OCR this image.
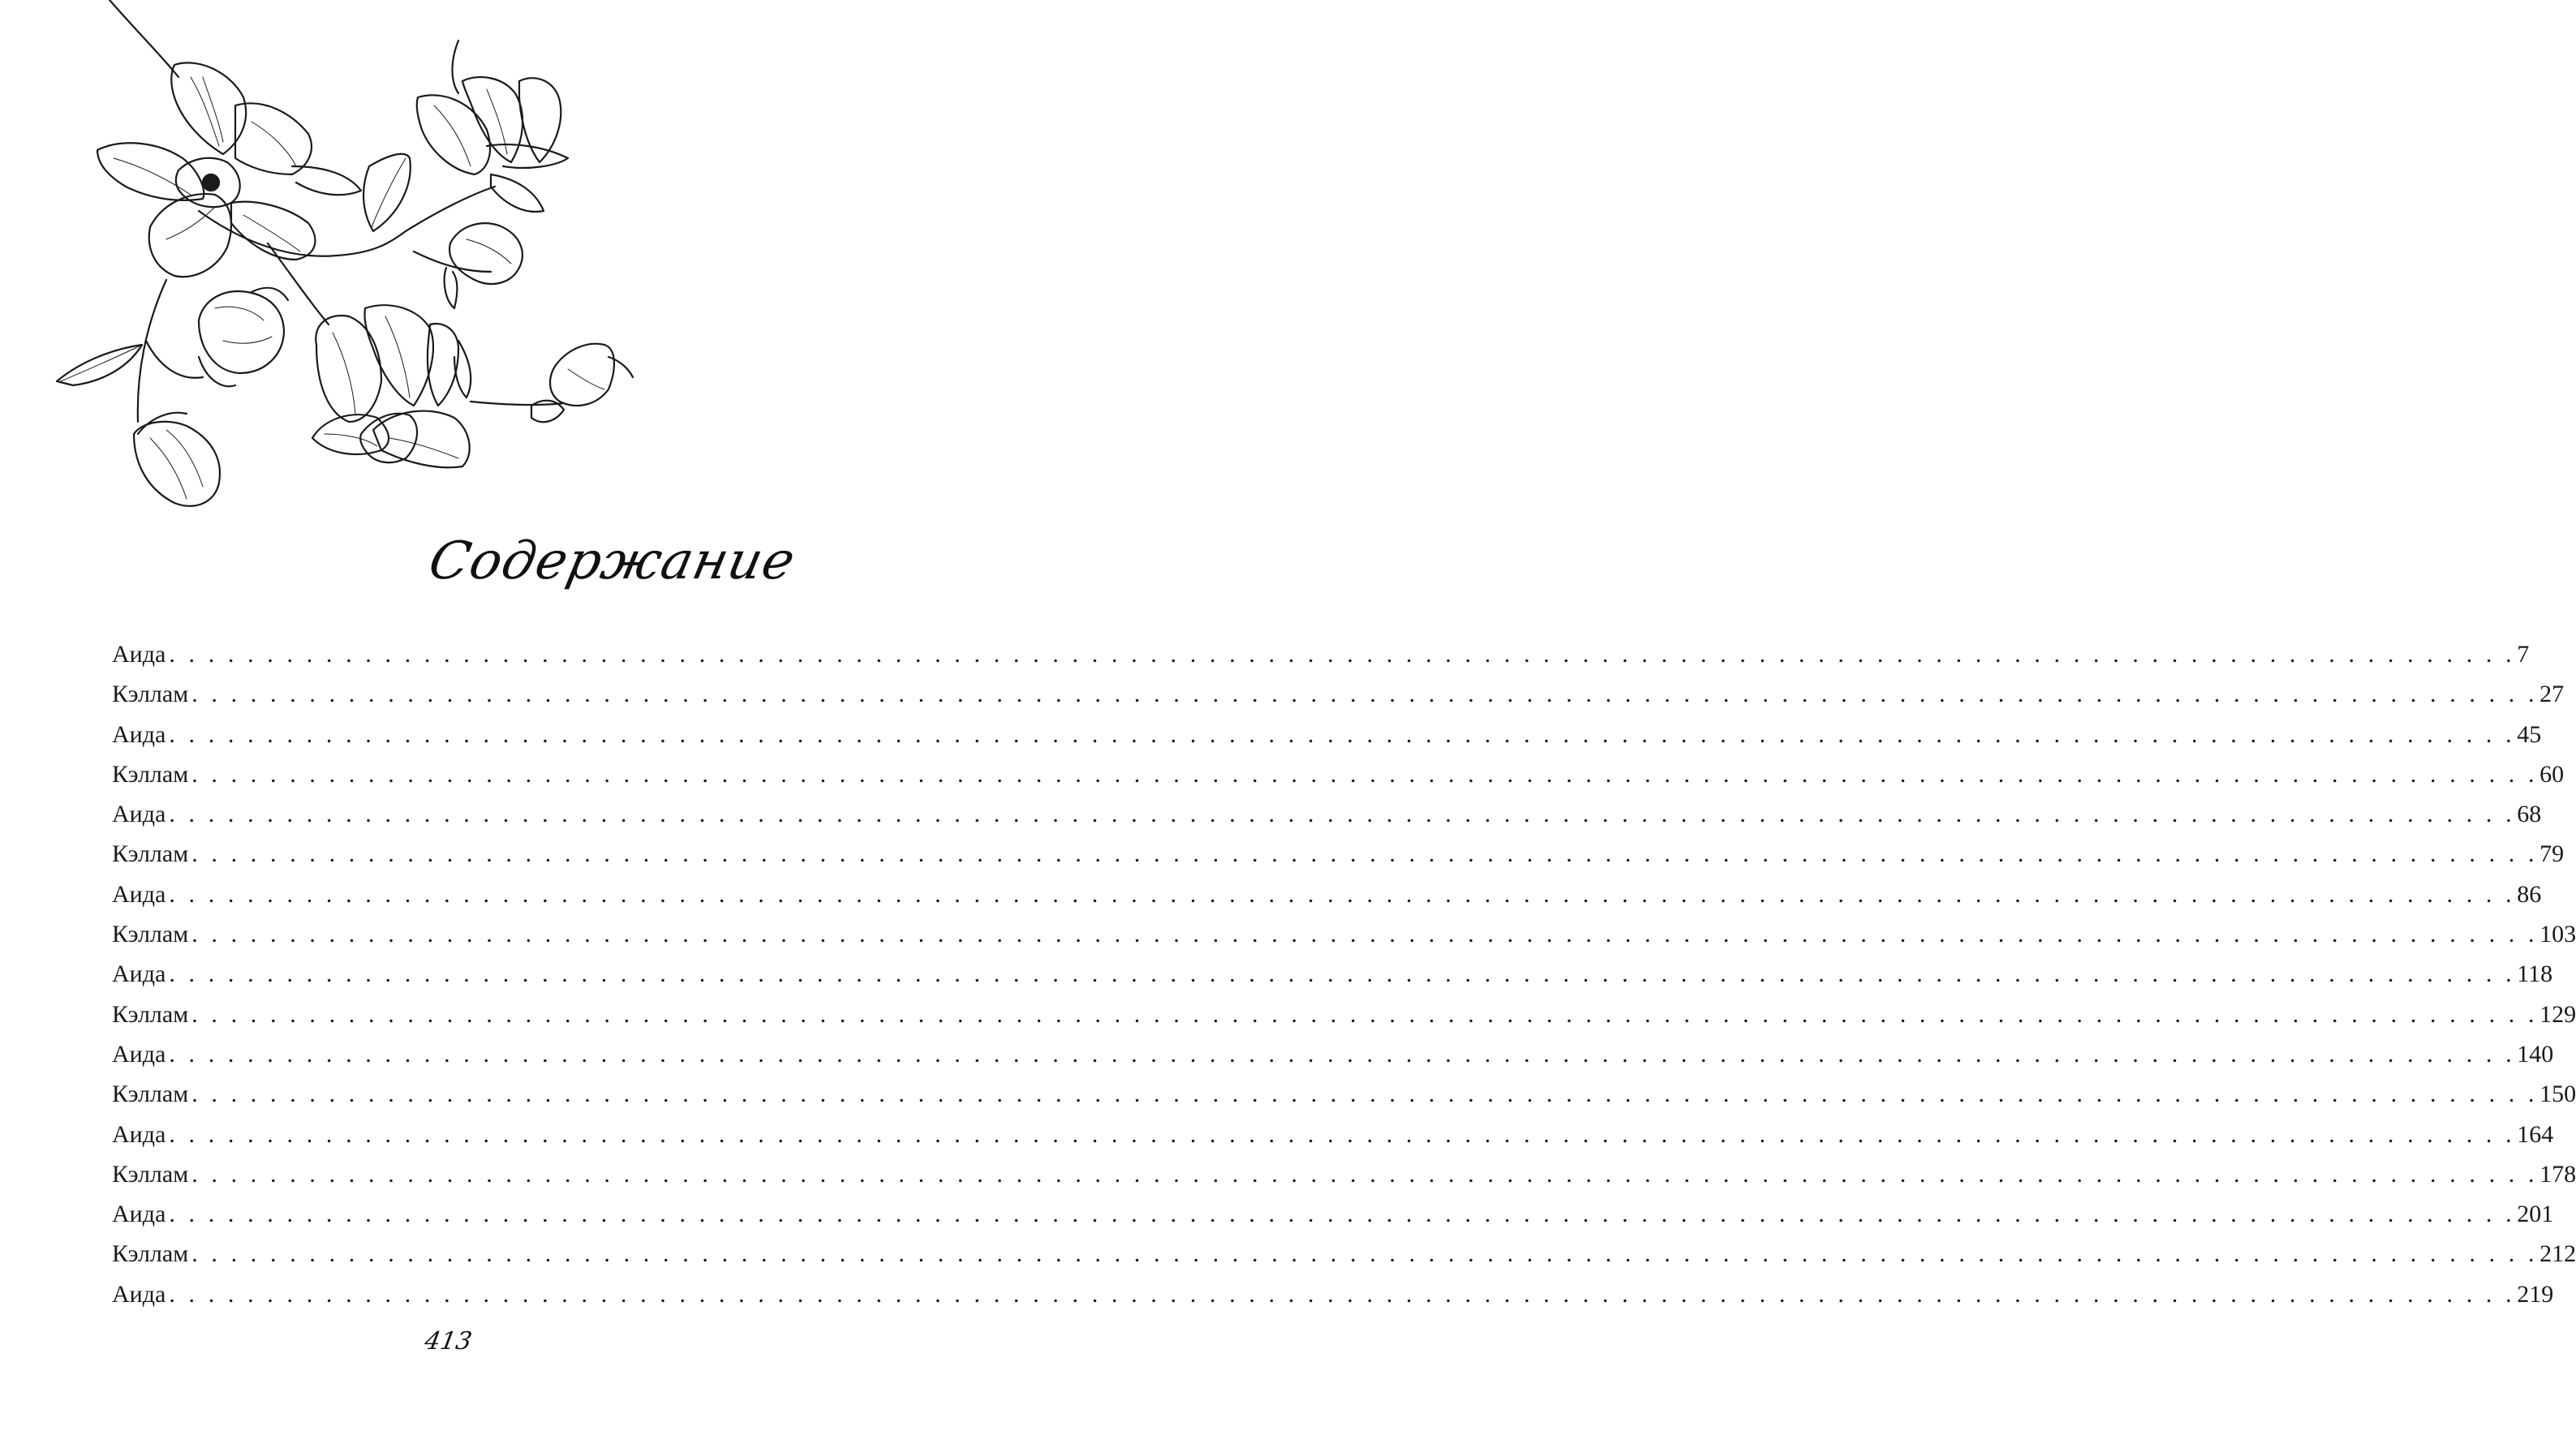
Содержание
Аида . . . . . . . . . . . . . . . . . . . . . . . . . . . . . . . . . . . . . . . . . . . . . . . . . . . . . . . . . . . . . . . . . . . . . . . . . . . . . . . . . . . . . . . . . . . . . . . . . . . . . . . . . . . . . . . . . . . . . . . . 7
Кэллам . . . . . . . . . . . . . . . . . . . . . . . . . . . . . . . . . . . . . . . . . . . . . . . . . . . . . . . . . . . . . . . . . . . . . . . . . . . . . . . . . . . . . . . . . . . . . . . . . . . . . . . . . . . . . . . . . . . . . . . . 27
Аида . . . . . . . . . . . . . . . . . . . . . . . . . . . . . . . . . . . . . . . . . . . . . . . . . . . . . . . . . . . . . . . . . . . . . . . . . . . . . . . . . . . . . . . . . . . . . . . . . . . . . . . . . . . . . . . . . . . . . . . . 45
Кэллам . . . . . . . . . . . . . . . . . . . . . . . . . . . . . . . . . . . . . . . . . . . . . . . . . . . . . . . . . . . . . . . . . . . . . . . . . . . . . . . . . . . . . . . . . . . . . . . . . . . . . . . . . . . . . . . . . . . . . . . . 60
Аида . . . . . . . . . . . . . . . . . . . . . . . . . . . . . . . . . . . . . . . . . . . . . . . . . . . . . . . . . . . . . . . . . . . . . . . . . . . . . . . . . . . . . . . . . . . . . . . . . . . . . . . . . . . . . . . . . . . . . . . . 68
Кэллам . . . . . . . . . . . . . . . . . . . . . . . . . . . . . . . . . . . . . . . . . . . . . . . . . . . . . . . . . . . . . . . . . . . . . . . . . . . . . . . . . . . . . . . . . . . . . . . . . . . . . . . . . . . . . . . . . . . . . . . . 79
Аида . . . . . . . . . . . . . . . . . . . . . . . . . . . . . . . . . . . . . . . . . . . . . . . . . . . . . . . . . . . . . . . . . . . . . . . . . . . . . . . . . . . . . . . . . . . . . . . . . . . . . . . . . . . . . . . . . . . . . . . . 86
Кэллам . . . . . . . . . . . . . . . . . . . . . . . . . . . . . . . . . . . . . . . . . . . . . . . . . . . . . . . . . . . . . . . . . . . . . . . . . . . . . . . . . . . . . . . . . . . . . . . . . . . . . . . . . . . . . . . . . . . . . . . . 103
Аида . . . . . . . . . . . . . . . . . . . . . . . . . . . . . . . . . . . . . . . . . . . . . . . . . . . . . . . . . . . . . . . . . . . . . . . . . . . . . . . . . . . . . . . . . . . . . . . . . . . . . . . . . . . . . . . . . . . . . . . . 118
Кэллам . . . . . . . . . . . . . . . . . . . . . . . . . . . . . . . . . . . . . . . . . . . . . . . . . . . . . . . . . . . . . . . . . . . . . . . . . . . . . . . . . . . . . . . . . . . . . . . . . . . . . . . . . . . . . . . . . . . . . . . . 129
Аида . . . . . . . . . . . . . . . . . . . . . . . . . . . . . . . . . . . . . . . . . . . . . . . . . . . . . . . . . . . . . . . . . . . . . . . . . . . . . . . . . . . . . . . . . . . . . . . . . . . . . . . . . . . . . . . . . . . . . . . . 140
Кэллам . . . . . . . . . . . . . . . . . . . . . . . . . . . . . . . . . . . . . . . . . . . . . . . . . . . . . . . . . . . . . . . . . . . . . . . . . . . . . . . . . . . . . . . . . . . . . . . . . . . . . . . . . . . . . . . . . . . . . . . . 150
Аида . . . . . . . . . . . . . . . . . . . . . . . . . . . . . . . . . . . . . . . . . . . . . . . . . . . . . . . . . . . . . . . . . . . . . . . . . . . . . . . . . . . . . . . . . . . . . . . . . . . . . . . . . . . . . . . . . . . . . . . . 164
Кэллам . . . . . . . . . . . . . . . . . . . . . . . . . . . . . . . . . . . . . . . . . . . . . . . . . . . . . . . . . . . . . . . . . . . . . . . . . . . . . . . . . . . . . . . . . . . . . . . . . . . . . . . . . . . . . . . . . . . . . . . . 178
Аида . . . . . . . . . . . . . . . . . . . . . . . . . . . . . . . . . . . . . . . . . . . . . . . . . . . . . . . . . . . . . . . . . . . . . . . . . . . . . . . . . . . . . . . . . . . . . . . . . . . . . . . . . . . . . . . . . . . . . . . . 201
Кэллам . . . . . . . . . . . . . . . . . . . . . . . . . . . . . . . . . . . . . . . . . . . . . . . . . . . . . . . . . . . . . . . . . . . . . . . . . . . . . . . . . . . . . . . . . . . . . . . . . . . . . . . . . . . . . . . . . . . . . . . . 212
Аида . . . . . . . . . . . . . . . . . . . . . . . . . . . . . . . . . . . . . . . . . . . . . . . . . . . . . . . . . . . . . . . . . . . . . . . . . . . . . . . . . . . . . . . . . . . . . . . . . . . . . . . . . . . . . . . . . . . . . . . . 219
413
